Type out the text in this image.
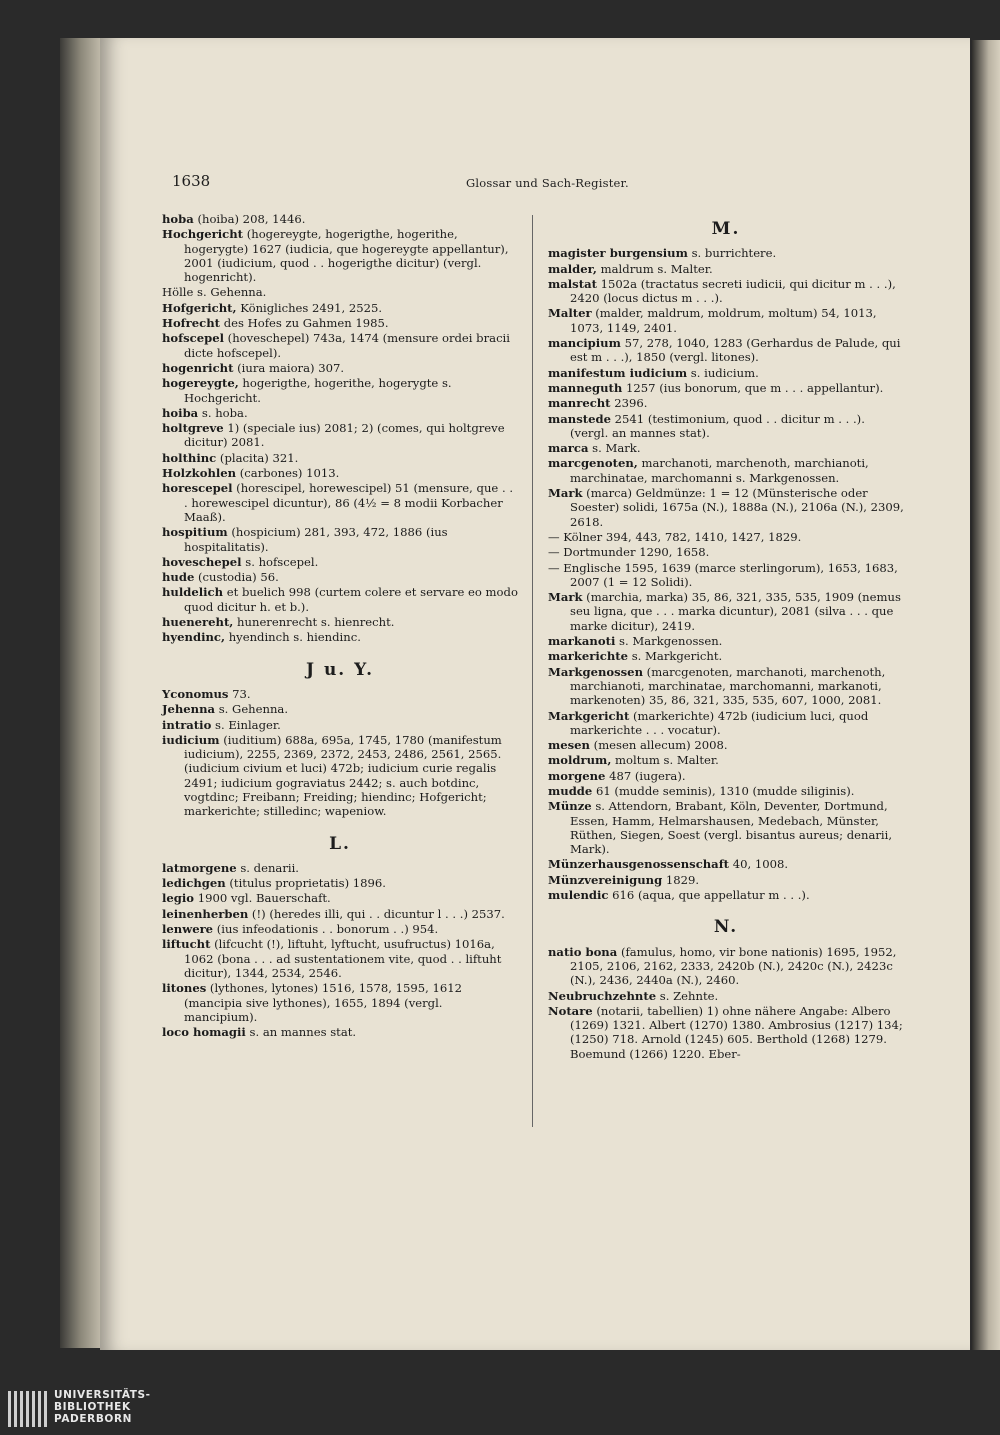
1638	Glossar und Sach-Register.
hoba (hoiba) 208, 1446.
Hochgericht (hogereygte, hogerigthe, hogerithe, hogerygte) 1627 (iudicia, que hogereygte appellantur), 2001 (iudicium, quod . . hogerigthe dicitur) (vergl. hogenricht).
Hölle s. Gehenna.
Hofgericht, Königliches 2491, 2525.
Hofrecht des Hofes zu Gahmen 1985.
hofscepel (hoveschepel) 743a, 1474 (mensure ordei bracii dicte hofscepel).
hogenricht (iura maiora) 307.
hogereygte, hogerigthe, hogerithe, hogerygte s. Hochgericht.
hoiba s. hoba.
holtgreve 1) (speciale ius) 2081; 2) (comes, qui holtgreve dicitur) 2081.
holthinc (placita) 321.
Holzkohlen (carbones) 1013.
horescepel (horescipel, horewescipel) 51 (mensure, que . . . horewescipel dicuntur), 86 (4½ = 8 modii Korbacher Maaß).
hospitium (hospicium) 281, 393, 472, 1886 (ius hospitalitatis).
hoveschepel s. hofscepel.
hude (custodia) 56.
huldelich et buelich 998 (curtem colere et servare eo modo quod dicitur h. et b.).
huenereht, hunerenrecht s. hienrecht.
hyendinc, hyendinch s. hiendinc.
J u. Y.
Yconomus 73.
Jehenna s. Gehenna.
intratio s. Einlager.
iudicium (iuditium) 688a, 695a, 1745, 1780 (manifestum iudicium), 2255, 2369, 2372, 2453, 2486, 2561, 2565. (iudicium civium et luci) 472b; iudicium curie regalis 2491; iudicium gograviatus 2442; s. auch botdinc, vogtdinc; Freibann; Freiding; hiendinc; Hofgericht; markerichte; stilledinc; wapeniow.
L.
latmorgene s. denarii.
ledichgen (titulus proprietatis) 1896.
legio 1900 vgl. Bauerschaft.
leinenherben (!) (heredes illi, qui . . dicuntur l . . .) 2537.
lenwere (ius infeodationis . . bonorum . .) 954.
liftucht (lifcucht (!), liftuht, lyftucht, usufructus) 1016a, 1062 (bona . . . ad sustentationem vite, quod . . liftuht dicitur), 1344, 2534, 2546.
litones (lythones, lytones) 1516, 1578, 1595, 1612 (mancipia sive lythones), 1655, 1894 (vergl. mancipium).
loco homagii s. an mannes stat.
M.
magister burgensium s. burrichtere.
malder, maldrum s. Malter.
malstat 1502a (tractatus secreti iudicii, qui dicitur m . . .), 2420 (locus dictus m . . .).
Malter (malder, maldrum, moldrum, moltum) 54, 1013, 1073, 1149, 2401.
mancipium 57, 278, 1040, 1283 (Gerhardus de Palude, qui est m . . .), 1850 (vergl. litones).
manifestum iudicium s. iudicium.
manneguth 1257 (ius bonorum, que m . . . appellantur).
manrecht 2396.
manstede 2541 (testimonium, quod . . dicitur m . . .). (vergl. an mannes stat).
marca s. Mark.
marcgenoten, marchanoti, marchenoth, marchianoti, marchinatae, marchomanni s. Markgenossen.
Mark (marca) Geldmünze: 1 = 12 (Münsterische oder Soester) solidi, 1675a (N.), 1888a (N.), 2106a (N.), 2309, 2618.
— Kölner 394, 443, 782, 1410, 1427, 1829.
— Dortmunder 1290, 1658.
— Englische 1595, 1639 (marce sterlingorum), 1653, 1683, 2007 (1 = 12 Solidi).
Mark (marchia, marka) 35, 86, 321, 335, 535, 1909 (nemus seu ligna, que . . . marka dicuntur), 2081 (silva . . . que marke dicitur), 2419.
markanoti s. Markgenossen.
markerichte s. Markgericht.
Markgenossen (marcgenoten, marchanoti, marchenoth, marchianoti, marchinatae, marchomanni, markanoti, markenoten) 35, 86, 321, 335, 535, 607, 1000, 2081.
Markgericht (markerichte) 472b (iudicium luci, quod markerichte . . . vocatur).
mesen (mesen allecum) 2008.
moldrum, moltum s. Malter.
morgene 487 (iugera).
mudde 61 (mudde seminis), 1310 (mudde siliginis).
Münze s. Attendorn, Brabant, Köln, Deventer, Dortmund, Essen, Hamm, Helmarshausen, Medebach, Münster, Rüthen, Siegen, Soest (vergl. bisantus aureus; denarii, Mark).
Münzerhausgenossenschaft 40, 1008.
Münzvereinigung 1829.
mulendic 616 (aqua, que appellatur m . . .).
N.
natio bona (famulus, homo, vir bone nationis) 1695, 1952, 2105, 2106, 2162, 2333, 2420b (N.), 2420c (N.), 2423c (N.), 2436, 2440a (N.), 2460.
Neubruchzehnte s. Zehnte.
Notare (notarii, tabellien) 1) ohne nähere Angabe: Albero (1269) 1321. Albert (1270) 1380. Ambrosius (1217) 134; (1250) 718. Arnold (1245) 605. Berthold (1268) 1279. Boemund (1266) 1220. Eber-
UNIVERSITÄTS-
BIBLIOTHEK
PADERBORN
